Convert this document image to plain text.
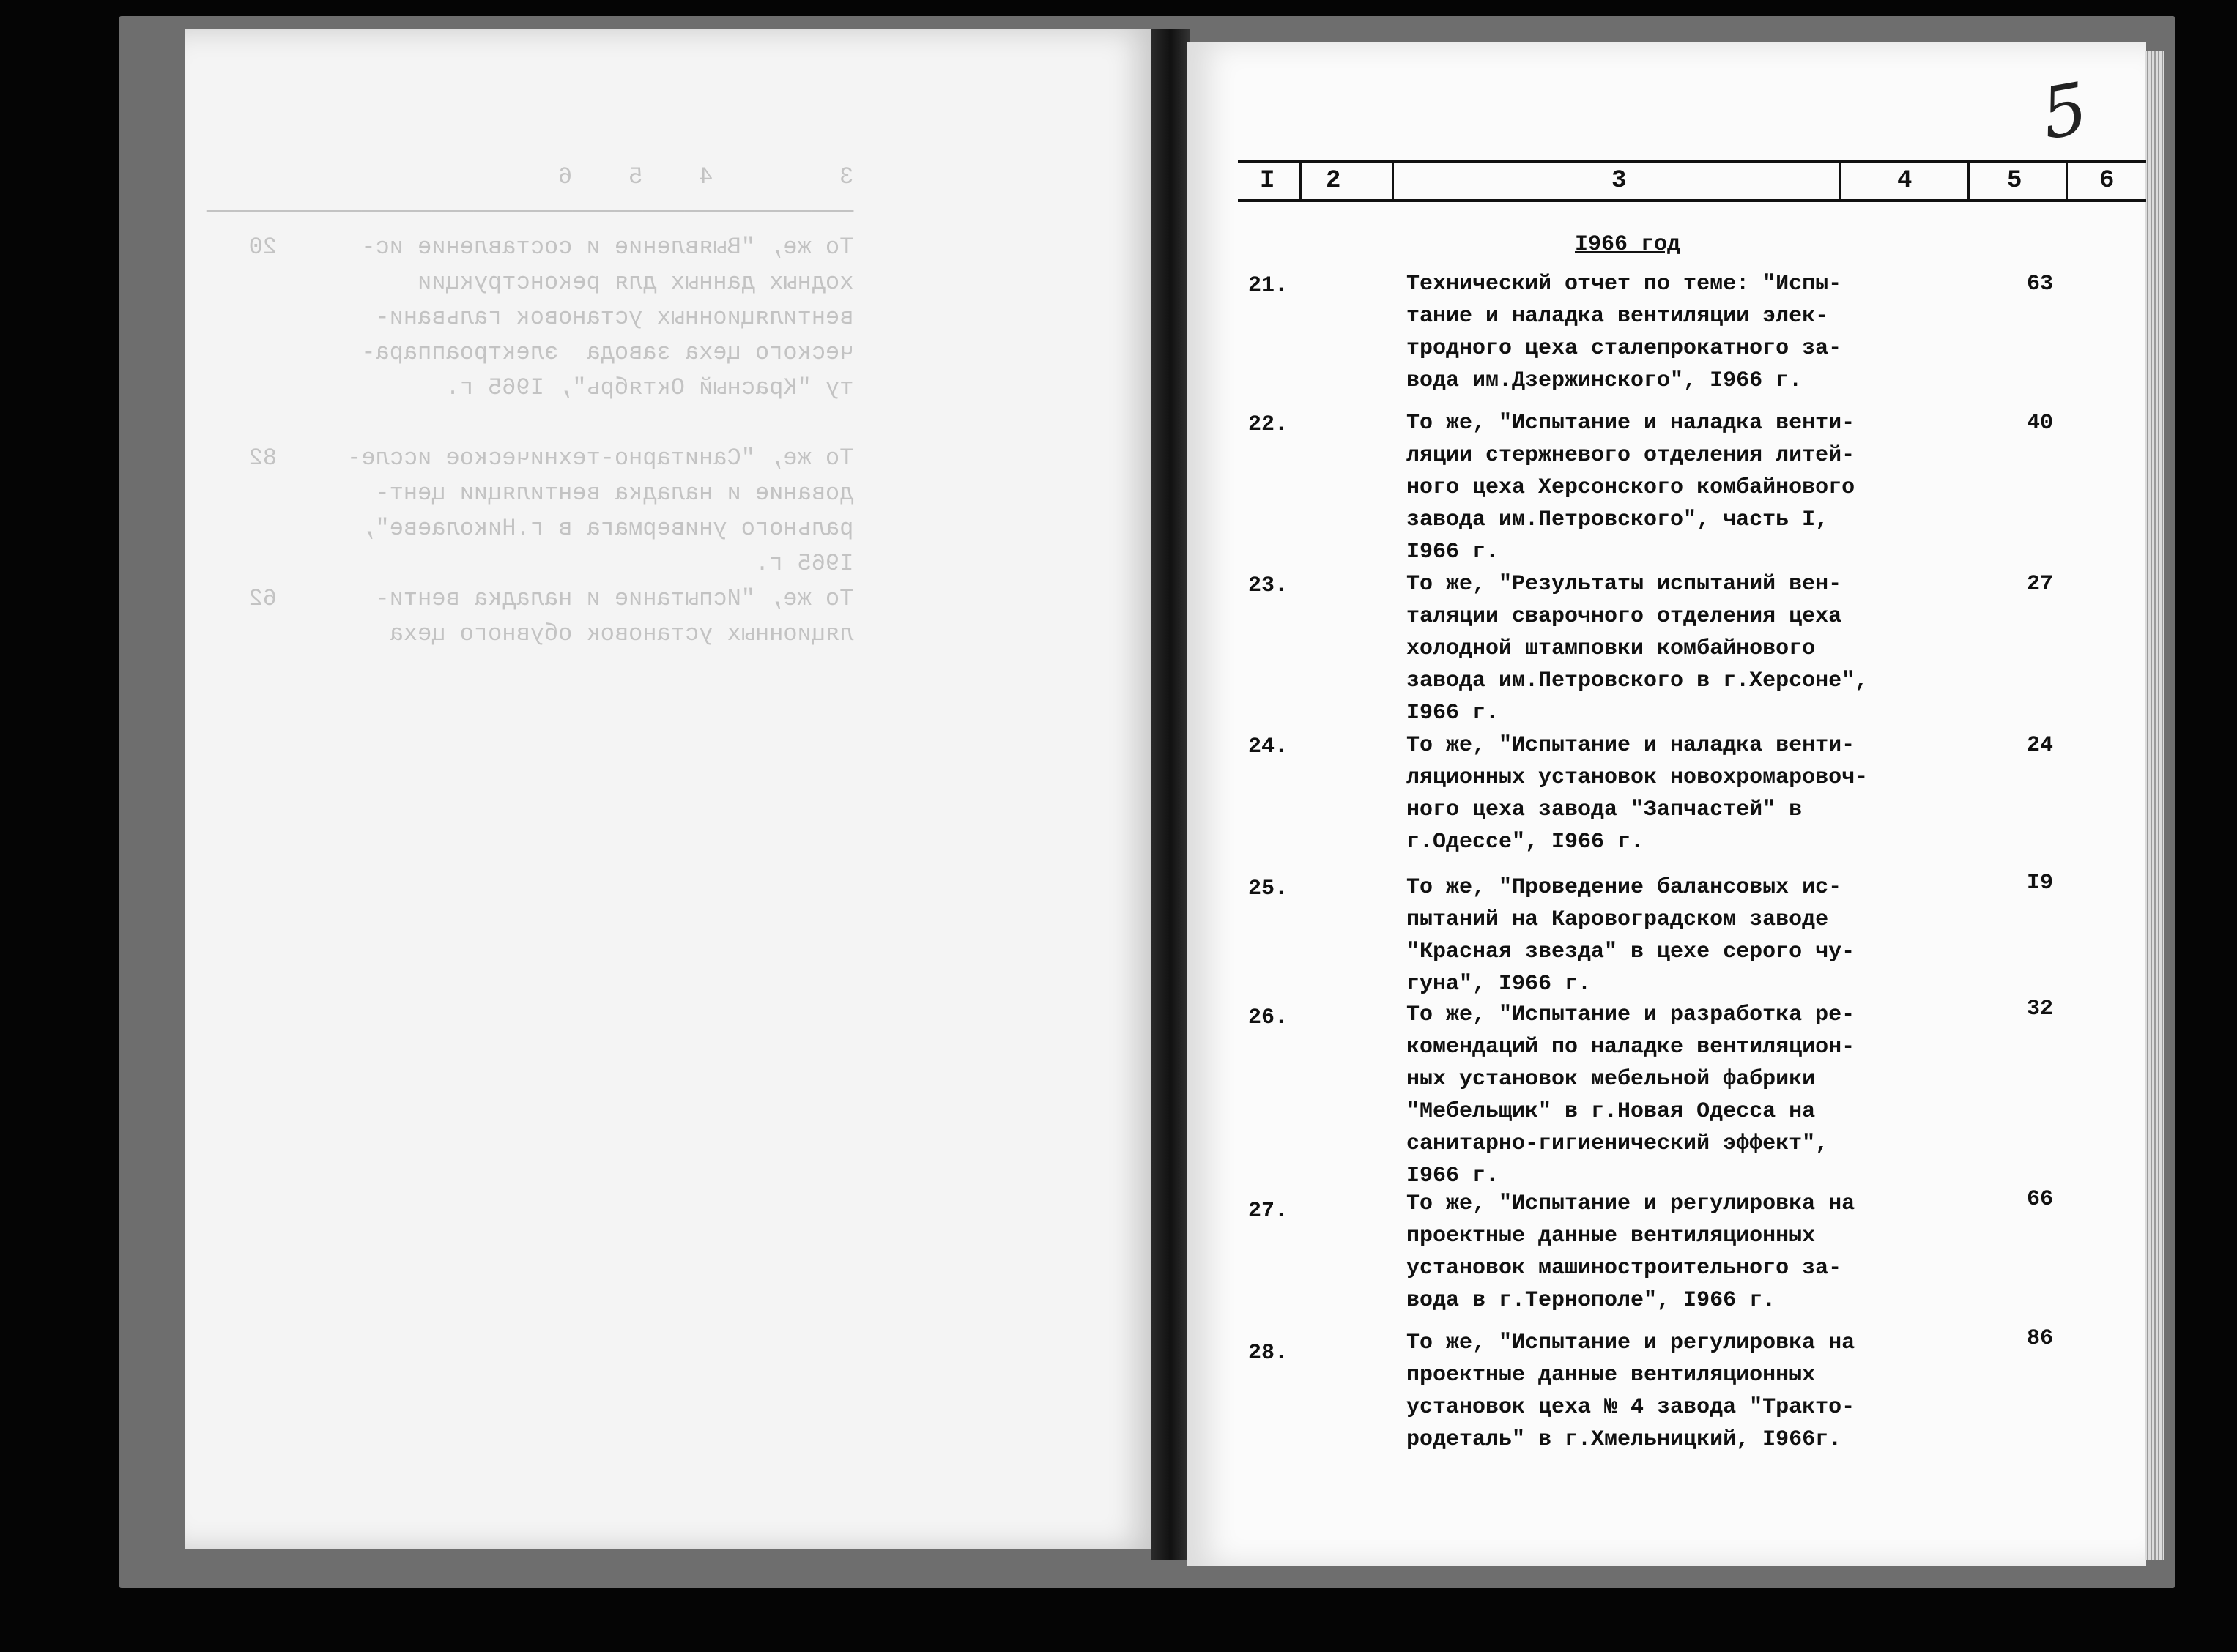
3         4    5    6
──────────────────────────────────────────────
То же, "Выявление и составление ис-      20
ходных данных для реконструкции
вентиляционных установок гальвани-
ческого цеха завода  электроаппара-
ту "Красный Октябрь", I965 г.

То же, "Санитарно-техническое иссле-     82
дование и наладка вентиляции цент-
рального универмага в г.Николаеве",
I965 г.
То же, "Испытание и наладка венти-       62
ляционных установок обувного цеха

5
I 2	3	4	5	6
I966 год
21.	Технический отчет по теме: "Испы-
тание и наладка вентиляции элек-
тродного цеха сталепрокатного за-
вода им.Дзержинского", I966 г.
63
22.	То же, "Испытание и наладка венти-
ляции стержневого отделения литей-
ного цеха Херсонского комбайнового
завода им.Петровского", часть I,
I966 г.
40
23.	То же, "Результаты испытаний вен-
таляции сварочного отделения цеха
холодной штамповки комбайнового
завода им.Петровского в г.Херсоне",
I966 г.
27
24.	То же, "Испытание и наладка венти-
ляционных установок новохромаровоч-
ного цеха завода "Запчастей" в
г.Одессе", I966 г.
24
25.	То же, "Проведение балансовых ис-
пытаний на Каровоградском заводе
"Красная звезда" в цехе серого чу-
гуна", I966 г.
I9
26.	То же, "Испытание и разработка ре-
комендаций по наладке вентиляцион-
ных установок мебельной фабрики
"Мебельщик" в г.Новая Одесса на
санитарно-гигиенический эффект",
I966 г.
32
27.	То же, "Испытание и регулировка на
проектные данные вентиляционных
установок машиностроительного за-
вода в г.Тернополе", I966 г.
66
28.	То же, "Испытание и регулировка на
проектные данные вентиляционных
установок цеха № 4 завода "Тракто-
родеталь" в г.Хмельницкий, I966г.
86
